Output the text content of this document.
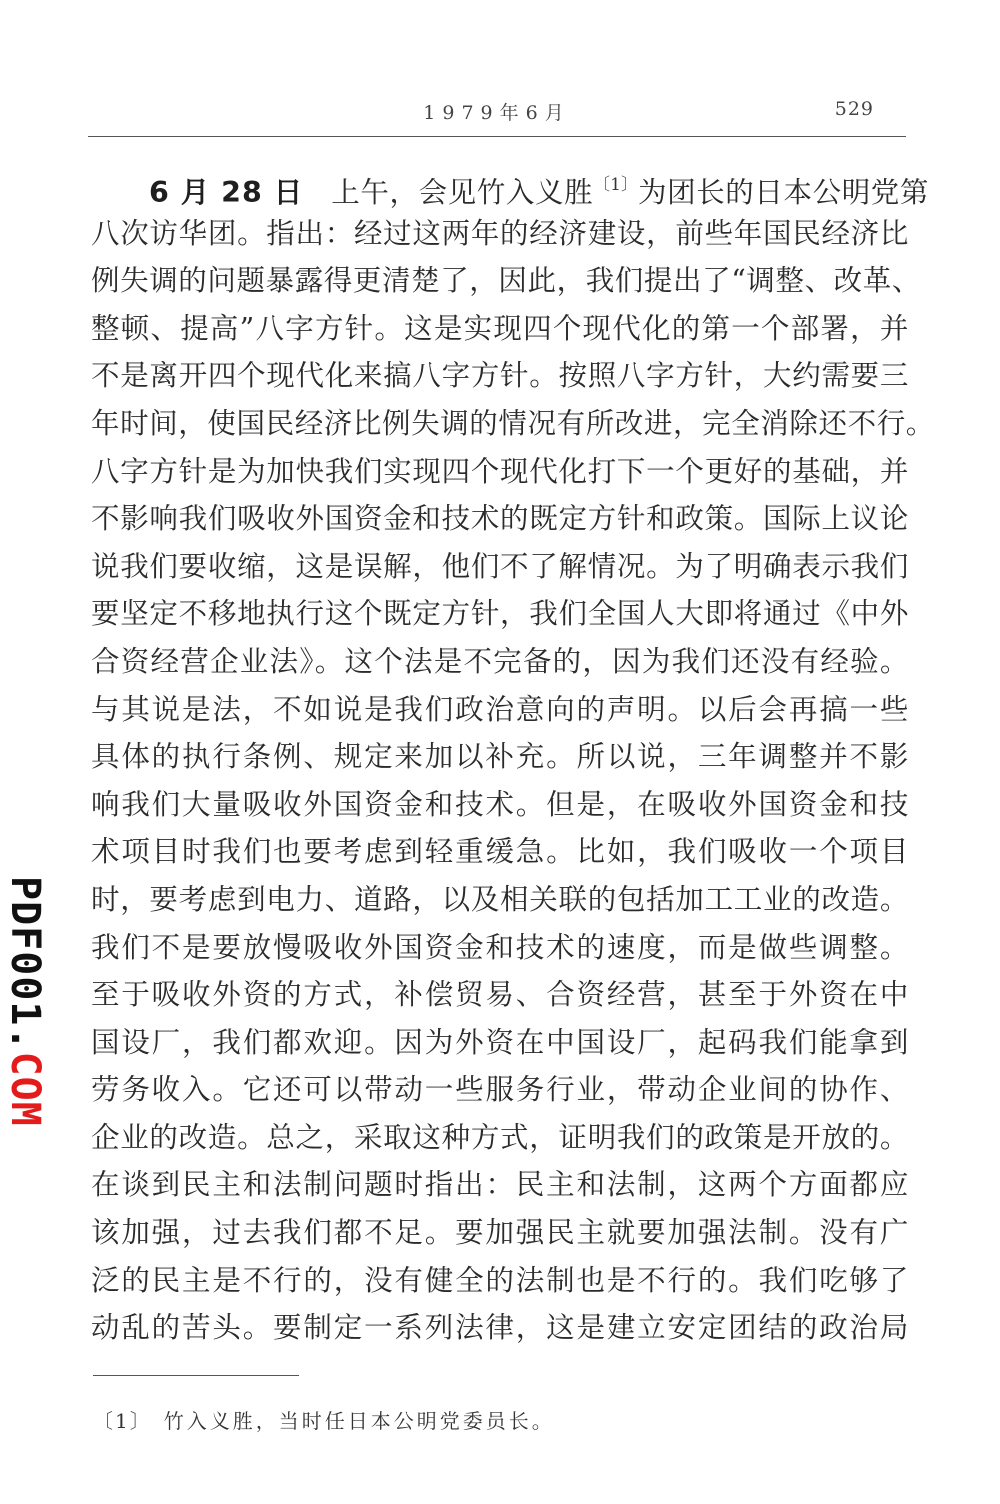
1979年6月	529
6 月 28 日 上午，会见竹入义胜$^{〔1〕}$为团长的日本公明党第
八次访华团。指出：经过这两年的经济建设，前些年国民经济比
例失调的问题暴露得更清楚了，因此，我们提出了“调整、改革、
整顿、提高”八字方针。这是实现四个现代化的第一个部署，并
不是离开四个现代化来搞八字方针。按照八字方针，大约需要三
年时间，使国民经济比例失调的情况有所改进，完全消除还不行。
八字方针是为加快我们实现四个现代化打下一个更好的基础，并
不影响我们吸收外国资金和技术的既定方针和政策。国际上议论
说我们要收缩，这是误解，他们不了解情况。为了明确表示我们
要坚定不移地执行这个既定方针，我们全国人大即将通过《中外
合资经营企业法》。这个法是不完备的，因为我们还没有经验。
与其说是法，不如说是我们政治意向的声明。以后会再搞一些
具体的执行条例、规定来加以补充。所以说，三年调整并不影
响我们大量吸收外国资金和技术。但是，在吸收外国资金和技
术项目时我们也要考虑到轻重缓急。比如，我们吸收一个项目
时，要考虑到电力、道路，以及相关联的包括加工工业的改造。
我们不是要放慢吸收外国资金和技术的速度，而是做些调整。
至于吸收外资的方式，补偿贸易、合资经营，甚至于外资在中
国设厂，我们都欢迎。因为外资在中国设厂，起码我们能拿到
劳务收入。它还可以带动一些服务行业，带动企业间的协作、
企业的改造。总之，采取这种方式，证明我们的政策是开放的。
在谈到民主和法制问题时指出：民主和法制，这两个方面都应
该加强，过去我们都不足。要加强民主就要加强法制。没有广
泛的民主是不行的，没有健全的法制也是不行的。我们吃够了
动乱的苦头。要制定一系列法律，这是建立安定团结的政治局
〔1〕 竹入义胜，当时任日本公明党委员长。
PDF001.COM
